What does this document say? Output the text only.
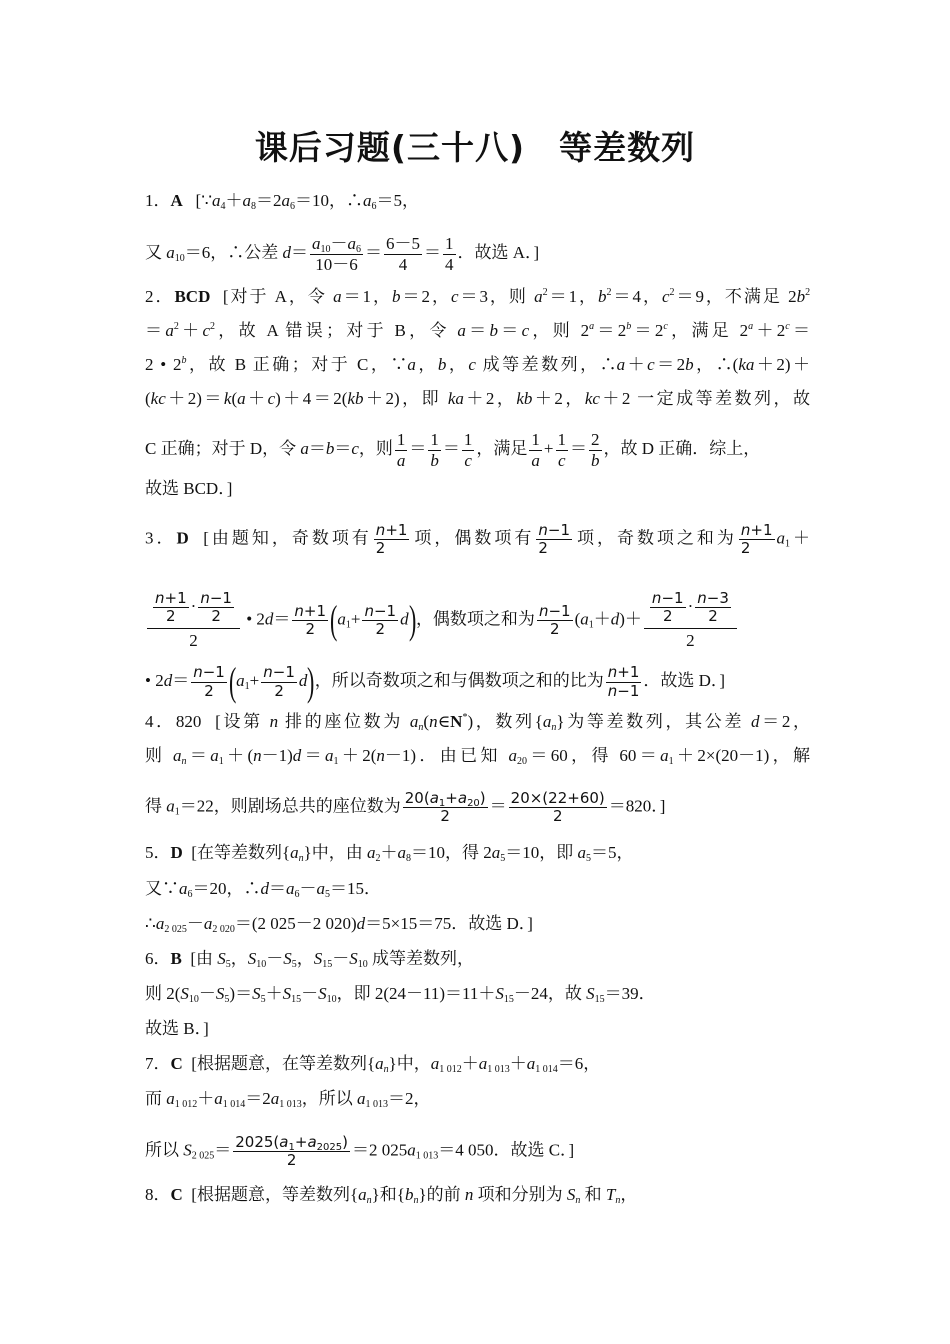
课后习题(三十八)　等差数列
1．A   [$\because a_4+a_8=2a_6=10$，$\therefore a_6=5$，
又 $a_{10}=6$，∴公差 $d= \frac{a_{10}-a_6}{10-6} = \frac{6-5}{4} = \frac{1}{4}$ ．故选 A．]
2．BCD  [对于 A，令 a＝1，b＝2，c＝3，则 $a^2=1$，$b^2=4$，$c^2=9$，不满足 $2b^2$
$=a^2+c^2$，故 A 错误；对于 B，令 a＝b＝c，则 $2^a=2^b=2^c$，满足 $2^a+2^c=$
2 • 2$^b$，故 B 正确；对于 C，∵a，b，c 成等差数列，∴a＋c＝2b，∴(ka＋2)＋
(kc＋2)＝k(a＋c)＋4＝2(kb＋2)，即 ka＋2，kb＋2，kc＋2 一定成等差数列，故
C 正确；对于 D，令 a＝b＝c，则 $\frac{1}{a} = \frac{1}{b} = \frac{1}{c}$ ，满足 $\frac{1}{a} + \frac{1}{c} = \frac{2}{b}$ ，故 D 正确．综上，
故选 BCD．]
3．D  [由题知，奇数项有 $\frac{n+1}{2}$ 项，偶数项有 $\frac{n-1}{2}$ 项，奇数项之和为 $\frac{n+1}{2} a_1+$
$\frac{\frac{n+1}{2} \cdot \frac{n-1}{2}}{2}$ • $2d= \frac{n+1}{2} (a_1+ \frac{n-1}{2} d)$，偶数项之和为 $\frac{n-1}{2} (a_1+d)+ \frac{\frac{n-1}{2} \cdot \frac{n-3}{2}}{2}$
• $2d= \frac{n-1}{2} (a_1+ \frac{n-1}{2} d)$，所以奇数项之和与偶数项之和的比为 $\frac{n+1}{n-1}$ ．故选 D．]
4．820  [设第 n 排的座位数为 $a_n(n\in N^*)$，数列$\{a_n\}$为等差数列，其公差 d＝2，
则 $a_n=a_1+(n-1)d=a_1+2(n-1)$．由已知 $a_{20}=60$，得 $60=a_1+2\times(20-1)$，解
得 $a_1=22$，则剧场总共的座位数为 $\frac{20(a_1+a_{20})}{2} = \frac{20\times(22+60)}{2} =820$．]
5．D  [在等差数列$\{a_n\}$中，由 $a_2+a_8=10$，得 $2a_5=10$，即 $a_5=5$，
又$\because a_6=20$，$\therefore d=a_6-a_5=15$．
$\therefore a_{2 025}-a_{2 020}=(2$ 025－2 020)d＝5×15＝75．故选 D．]
6．B  [由 $S_5$，$S_{10}-S_5$，$S_{15}-S_{10}$ 成等差数列，
则 $2(S_{10}-S_5)=S_5+S_{15}-S_{10}$，即 $2(24-11)=11+S_{15}-24$，故 $S_{15}=39$．
故选 B．]
7．C  [根据题意，在等差数列$\{a_n\}$中，$a_{1 012}+a_{1 013}+a_{1 014}=6$，
而 $a_{1 012}+a_{1 014}=2a_{1 013}$，所以 $a_{1 013}=2$，
所以 $S_{2 025}= \frac{2025(a_1+a_{2025})}{2} =2$ $025a_{1 013}=4$ 050．故选 C．]
8．C  [根据题意，等差数列$\{a_n\}$和$\{b_n\}$的前 n 项和分别为 $S_n$ 和 $T_n$，
